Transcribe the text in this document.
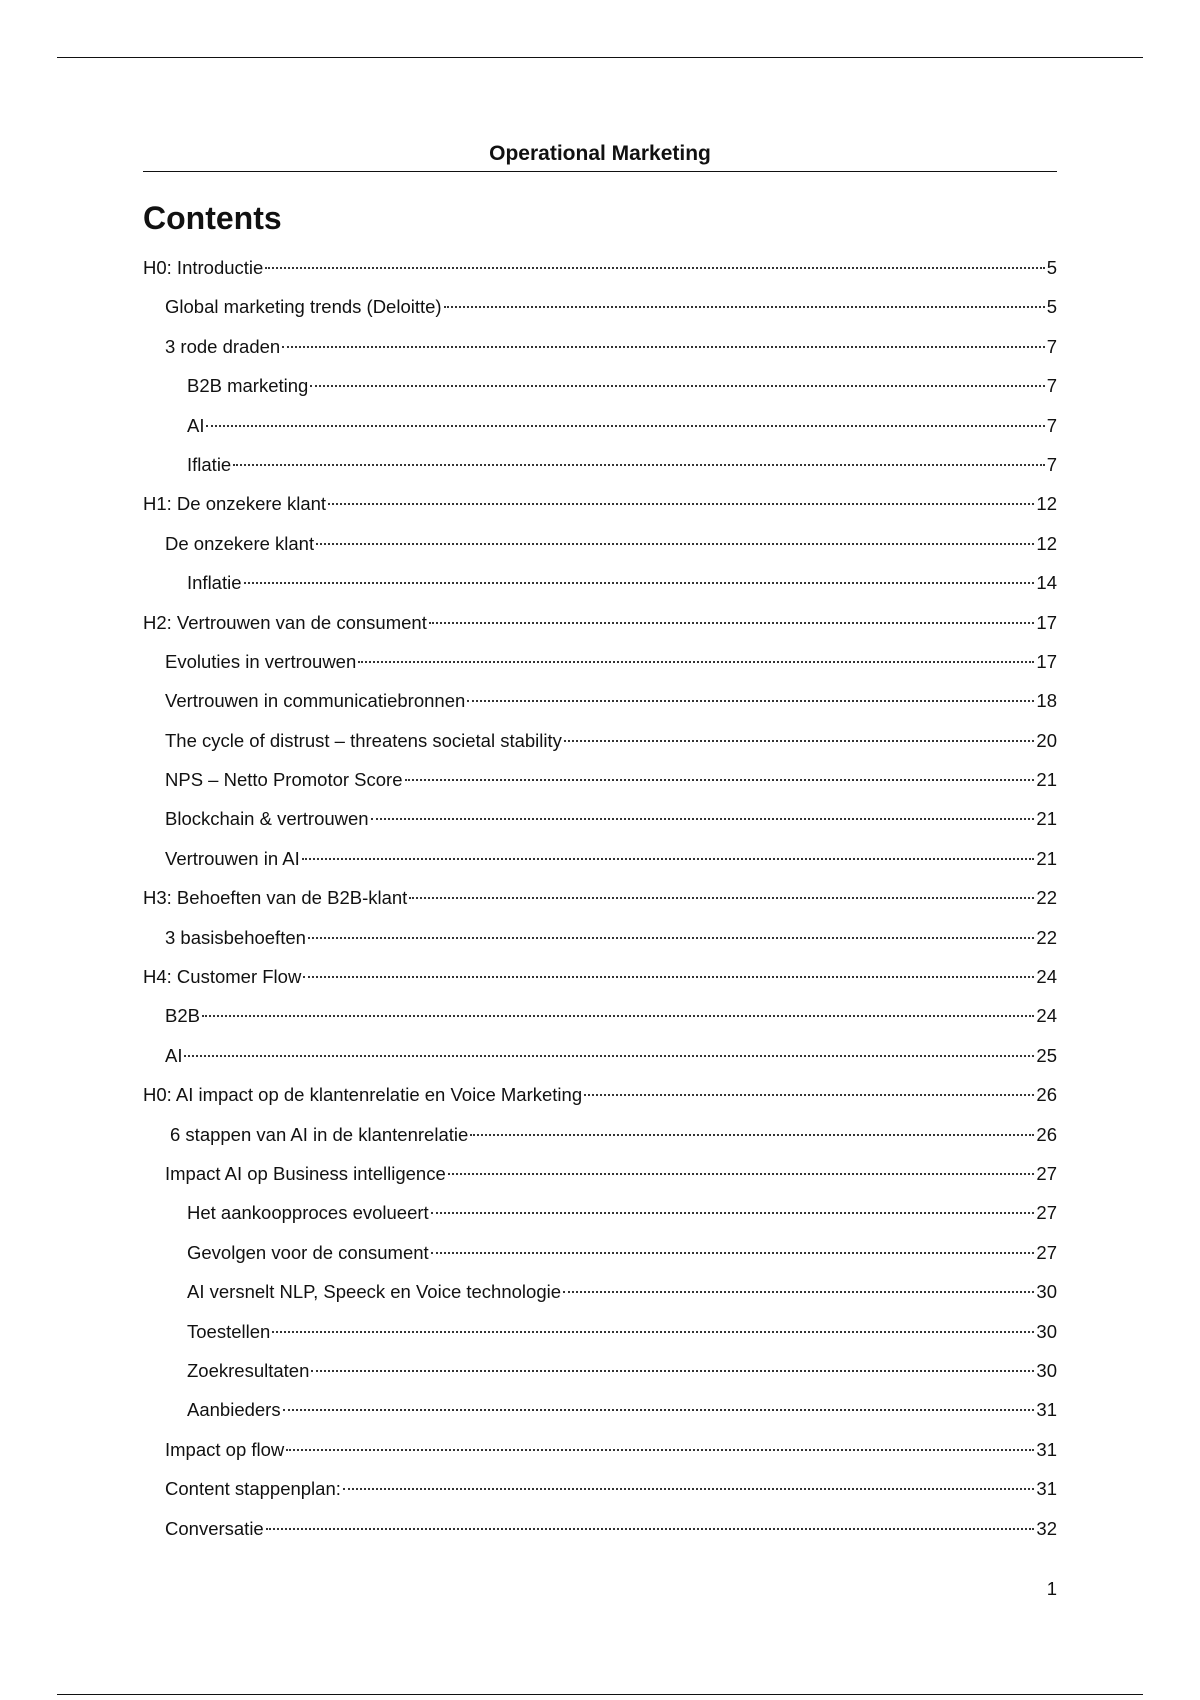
Operational Marketing
Contents
H0: Introductie	5
Global marketing trends (Deloitte)	5
3 rode draden	7
B2B marketing	7
AI	7
Iflatie	7
H1: De onzekere klant	12
De onzekere klant	12
Inflatie	14
H2: Vertrouwen van de consument	17
Evoluties in vertrouwen	17
Vertrouwen in communicatiebronnen	18
The cycle of distrust – threatens societal stability	20
NPS – Netto Promotor Score	21
Blockchain & vertrouwen	21
Vertrouwen in AI	21
H3: Behoeften van de B2B-klant	22
3 basisbehoeften	22
H4: Customer Flow	24
B2B	24
AI	25
H0: AI impact op de klantenrelatie en Voice Marketing	26
6 stappen van AI in de klantenrelatie	26
Impact AI op Business intelligence	27
Het aankoopproces evolueert	27
Gevolgen voor de consument	27
AI versnelt NLP, Speeck en Voice technologie	30
Toestellen	30
Zoekresultaten	30
Aanbieders	31
Impact op flow	31
Content stappenplan:	31
Conversatie	32
1
